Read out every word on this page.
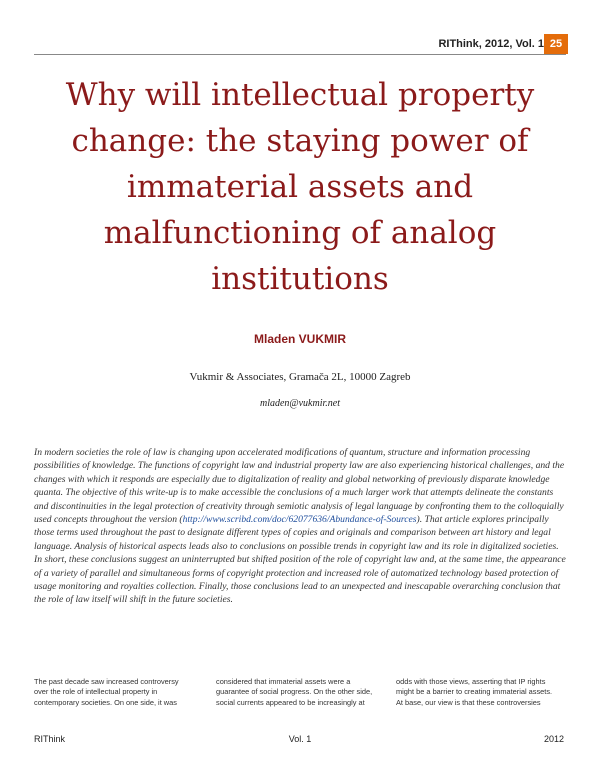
RIThink, 2012, Vol. 1 25
Why will intellectual property
change: the staying power of
immaterial assets and
malfunctioning of analog
institutions
Mladen VUKMIR
Vukmir & Associates, Gramača 2L, 10000 Zagreb
mladen@vukmir.net

In modern societies the role of law is changing upon accelerated modifications of quantum, structure and information processing possibilities of knowledge. The functions of copyright law and industrial property law are also experiencing historical challenges, and the changes with which it responds are especially due to digitalization of reality and global networking of previously disparate knowledge quanta. The objective of this write-up is to make accessible the conclusions of a much larger work that attempts delineate the constants and discontinuities in the legal protection of creativity through semiotic analysis of legal language by confronting them to the colloquially used concepts throughout the version (http://www.scribd.com/doc/62077636/Abundance-of-Sources). That article explores principally those terms used throughout the past to designate different types of copies and originals and comparison between art history and legal language. Analysis of historical aspects leads also to conclusions on possible trends in copyright law and its role in digitalized societies. In short, these conclusions suggest an uninterrupted but shifted position of the role of copyright law and, at the same time, the appearance of a variety of parallel and simultaneous forms of copyright protection and increased role of automatized technology based protection of usage monitoring and royalties collection. Finally, those conclusions lead to an unexpected and inescapable overarching conclusion that the role of law itself will shift in the future societies.

The past decade saw increased controversy over the role of intellectual property in contemporary societies. On one side, it was

considered that immaterial assets were a guarantee of social progress. On the other side, social currents appeared to be increasingly at

odds with those views, asserting that IP rights might be a barrier to creating immaterial assets. At base, our view is that these controversies

RIThink	Vol. 1	2012
